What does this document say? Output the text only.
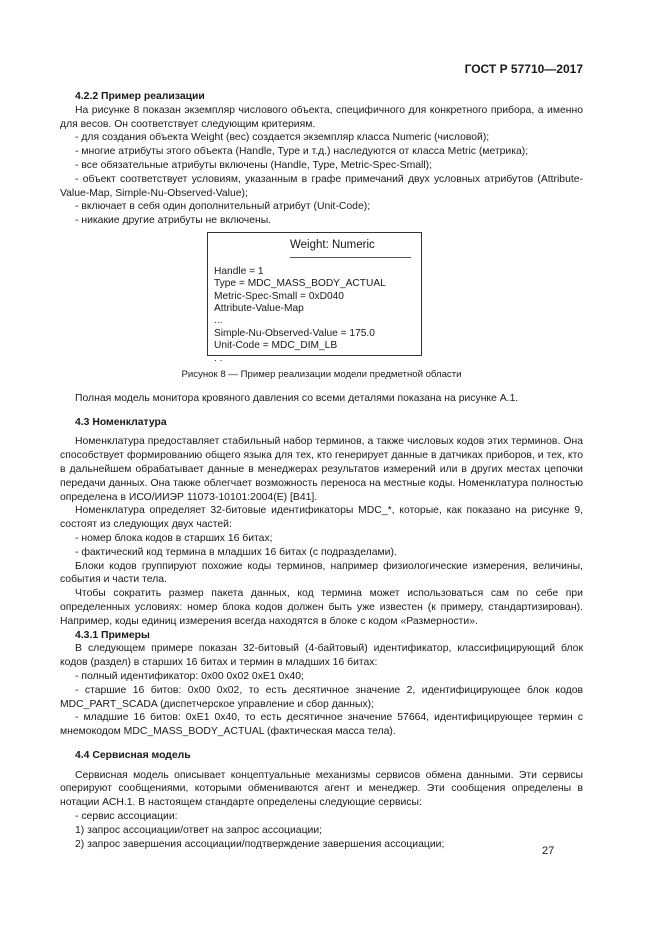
ГОСТ Р 57710—2017

4.2.2 Пример реализации

На рисунке 8 показан экземпляр числового объекта, специфичного для конкретного прибора, а именно для весов. Он соответствует следующим критериям.

- для создания объекта Weight (вес) создается экземпляр класса Numeric (числовой);

- многие атрибуты этого объекта (Handle, Type и т.д.) наследуются от класса Metric (метрика);

- все обязательные атрибуты включены (Handle, Type, Metric-Spec-Small);

- объект соответствует условиям, указанным в графе примечаний двух условных атрибутов (Attribute-Value-Map, Simple-Nu-Observed-Value);

- включает в себя один дополнительный атрибут (Unit-Code);

- никакие другие атрибуты не включены.

Weight: Numeric
Handle = 1
Type = MDC_MASS_BODY_ACTUAL
Metric-Spec-Small = 0xD040
Attribute-Value-Map
...
Simple-Nu-Observed-Value = 175.0
Unit-Code = MDC_DIM_LB
. .

Рисунок 8 — Пример реализации модели предметной области

Полная модель монитора кровяного давления со всеми деталями показана на рисунке А.1.

4.3 Номенклатура

Номенклатура предоставляет стабильный набор терминов, а также числовых кодов этих терминов. Она способствует формированию общего языка для тех, кто генерирует данные в датчиках приборов, и тех, кто в дальнейшем обрабатывает данные в менеджерах результатов измерений или в других местах цепочки передачи данных. Она также облегчает возможность переноса на местные коды. Номенклатура полностью определена в ИСО/ИИЭР 11073-10101:2004(E) [B41].

Номенклатура определяет 32-битовые идентификаторы MDC_*, которые, как показано на рисунке 9, состоят из следующих двух частей:

- номер блока кодов в старших 16 битах;

- фактический код термина в младших 16 битах (с подразделами).

Блоки кодов группируют похожие коды терминов, например физиологические измерения, величины, события и части тела.

Чтобы сократить размер пакета данных, код термина может использоваться сам по себе при определенных условиях: номер блока кодов должен быть уже известен (к примеру, стандартизирован). Например, коды единиц измерения всегда находятся в блоке с кодом «Размерности».

4.3.1 Примеры

В следующем примере показан 32-битовый (4-байтовый) идентификатор, классифицирующий блок кодов (раздел) в старших 16 битах и термин в младших 16 битах:

- полный идентификатор: 0x00 0x02 0xE1 0x40;

- старшие 16 битов: 0x00 0x02, то есть десятичное значение 2, идентифицирующее блок кодов MDC_PART_SCADA (диспетчерское управление и сбор данных);

- младшие 16 битов: 0xE1 0x40, то есть десятичное значение 57664, идентифицирующее термин с мнемокодом MDC_MASS_BODY_ACTUAL (фактическая масса тела).

4.4 Сервисная модель

Сервисная модель описывает концептуальные механизмы сервисов обмена данными. Эти сервисы оперируют сообщениями, которыми обмениваются агент и менеджер. Эти сообщения определены в нотации АСН.1. В настоящем стандарте определены следующие сервисы:

- сервис ассоциации:

1) запрос ассоциации/ответ на запрос ассоциации;

2) запрос завершения ассоциации/подтверждение завершения ассоциации;

27
